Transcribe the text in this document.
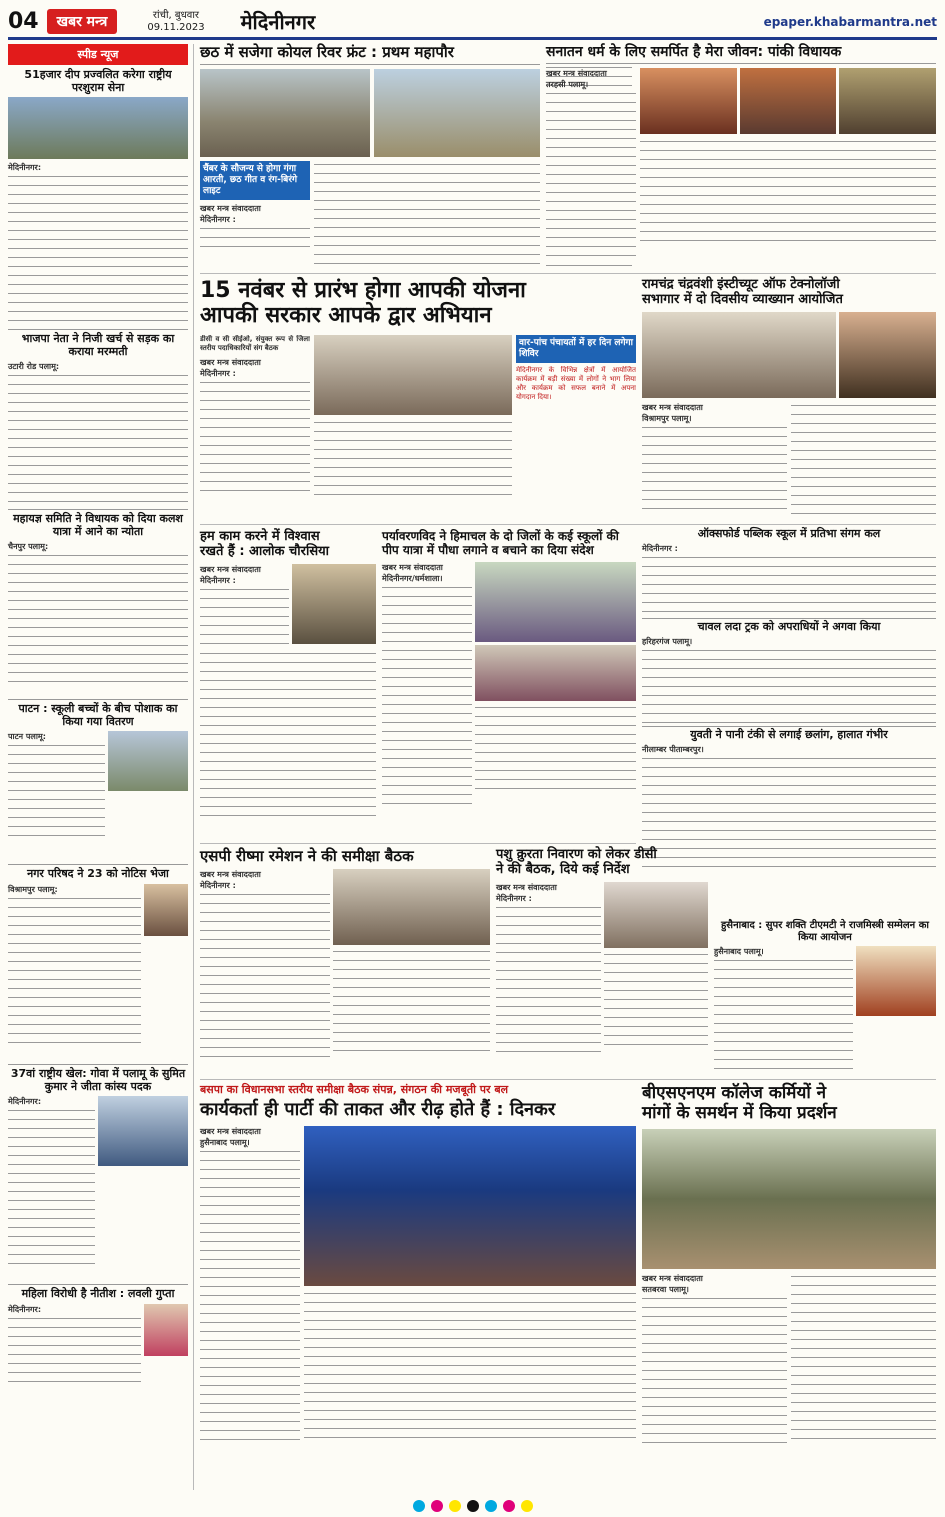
04	खबर मन्त्र	रांची, बुधवार
09.11.2023 मेदिनीनगर	epaper.khabarmantra.net
स्पीड न्यूज
51हजार दीप प्रज्वलित करेगा राष्ट्रीय परशुराम सेना
मेदिनीनगर:
भाजपा नेता ने निजी खर्च से सड़क का कराया मरम्मती
उटारी रोड पलामू:
महायज्ञ समिति ने विधायक को दिया कलश यात्रा में आने का न्योता
चैनपुर पलामू:
पाटन : स्कूली बच्चों के बीच पोशाक का किया गया वितरण
पाटन पलामू:
नगर परिषद ने 23 को नोटिस भेजा
विश्रामपुर पलामू:
37वां राष्ट्रीय खेल: गोवा में पलामू के सुमित कुमार ने जीता कांस्य पदक
मेदिनीनगर:
महिला विरोधी है नीतीश : लवली गुप्ता
मेदिनीनगर:
छठ में सजेगा कोयल रिवर फ्रंट : प्रथम महापौर
चैंबर के सौजन्य से होगा गंगा आरती, छठ गीत व रंग-बिरंगे लाइट
खबर मन्त्र संवाददाता
मेदिनीनगर :
सनातन धर्म के लिए समर्पित है मेरा जीवन: पांकी विधायक
खबर मन्त्र संवाददाता
तरहसी पलामू।
15 नवंबर से प्रारंभ होगा आपकी योजना
आपकी सरकार आपके द्वार अभियान
डीसी व सी सीईओ, संयुक्त रूप से जिला स्तरीय पदाधिकारियों संग बैठक
खबर मन्त्र संवाददाता
मेदिनीनगर :
वार-पांच पंचायतों में हर दिन लगेगा शिविर
मेदिनीनगर के विभिन्न क्षेत्रों में आयोजित कार्यक्रम में बड़ी संख्या में लोगों ने भाग लिया और कार्यक्रम को सफल बनाने में अपना योगदान दिया।
रामचंद्र चंद्रवंशी इंस्टीच्यूट ऑफ टेक्नोलॉजी
सभागार में दो दिवसीय व्याख्यान आयोजित
खबर मन्त्र संवाददाता
विश्रामपुर पलामू।
हम काम करने में विश्वास
रखते हैं : आलोक चौरसिया
खबर मन्त्र संवाददाता
मेदिनीनगर :
पर्यावरणविद ने हिमाचल के दो जिलों के कई स्कूलों की पीप यात्रा में पौधा लगाने व बचाने का दिया संदेश
खबर मन्त्र संवाददाता
मेदिनीनगर/धर्मशाला।
ऑक्सफोर्ड पब्लिक स्कूल में प्रतिभा संगम कल
मेदिनीनगर :
चावल लदा ट्रक को अपराधियों ने अगवा किया
हरिहरगंज पलामू।
युवती ने पानी टंकी से लगाई छलांग, हालात गंभीर
नीलाम्बर पीताम्बरपुर।
एसपी रीष्मा रमेशन ने की समीक्षा बैठक
खबर मन्त्र संवाददाता
मेदिनीनगर :
पशु क्रुरता निवारण को लेकर डीसी
ने की बैठक, दिये कई निर्देश
खबर मन्त्र संवाददाता
मेदिनीनगर :
हुसैनाबाद : सुपर शक्ति टीएमटी ने राजमिस्त्री सम्मेलन का किया आयोजन
हुसैनाबाद पलामू।
बसपा का विधानसभा स्तरीय समीक्षा बैठक संपन्न, संगठन की मजबूती पर बल
कार्यकर्ता ही पार्टी की ताकत और रीढ़ होते हैं : दिनकर
खबर मन्त्र संवाददाता
हुसैनाबाद पलामू।
बीएसएनएम कॉलेज कर्मियों ने
मांगों के समर्थन में किया प्रदर्शन
खबर मन्त्र संवाददाता
सतबरवा पलामू।
